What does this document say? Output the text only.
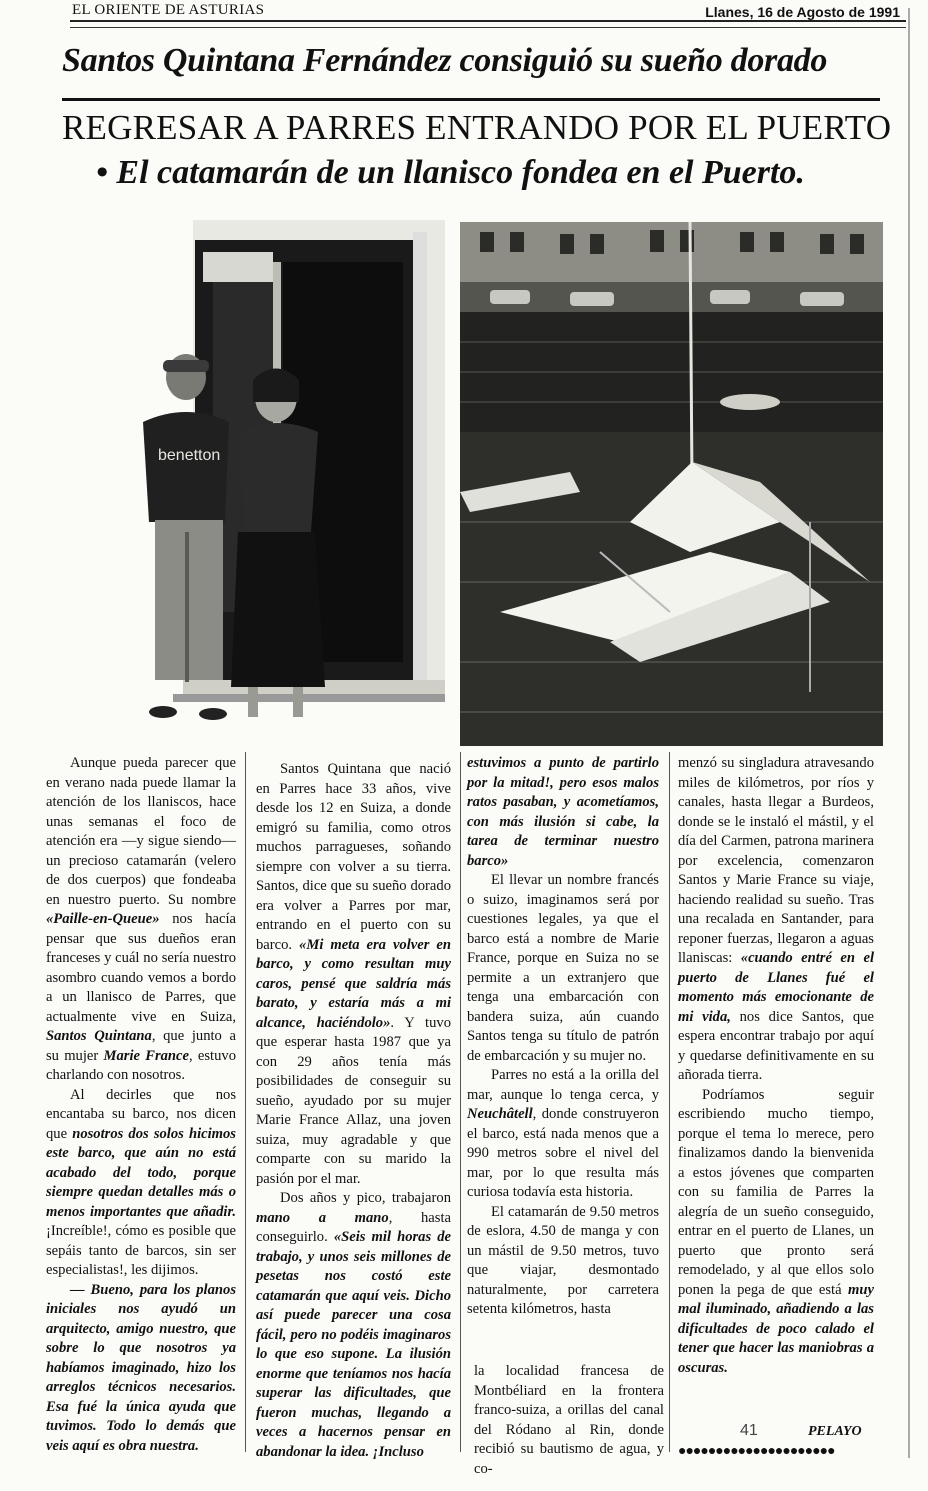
EL ORIENTE DE ASTURIAS	Llanes, 16 de Agosto de 1991
Santos Quintana Fernández consiguió su sueño dorado
REGRESAR A PARRES ENTRANDO POR EL PUERTO
• El catamarán de un llanisco fondea en el Puerto.
benetton

Aunque pueda parecer que en verano nada puede llamar la atención de los llaniscos, hace unas semanas el foco de atención era —y sigue siendo— un precioso catamarán (velero de dos cuerpos) que fondeaba en nuestro puerto. Su nombre «Paille-en-Queue» nos hacía pensar que sus dueños eran franceses y cuál no sería nuestro asombro cuando vemos a bordo a un llanisco de Parres, que actualmente vive en Suiza, Santos Quintana, que junto a su mujer Marie France, estuvo charlando con nosotros.

Al decirles que nos encantaba su barco, nos dicen que nosotros dos solos hicimos este barco, que aún no está acabado del todo, porque siempre quedan detalles más o menos importantes que añadir. ¡Increíble!, cómo es posible que sepáis tanto de barcos, sin ser especialistas!, les dijimos.

— Bueno, para los planos iniciales nos ayudó un arquitecto, amigo nuestro, que sobre lo que nosotros ya habíamos imaginado, hizo los arreglos técnicos necesarios. Esa fué la única ayuda que tuvimos. Todo lo demás que veis aquí es obra nuestra.

Santos Quintana que nació en Parres hace 33 años, vive desde los 12 en Suiza, a donde emigró su familia, como otros muchos parragueses, soñando siempre con volver a su tierra. Santos, dice que su sueño dorado era volver a Parres por mar, entrando en el puerto con su barco. «Mi meta era volver en barco, y como resultan muy caros, pensé que saldría más barato, y estaría más a mi alcance, haciéndolo». Y tuvo que esperar hasta 1987 que ya con 29 años tenía más posibilidades de conseguir su sueño, ayudado por su mujer Marie France Allaz, una joven suiza, muy agradable y que comparte con su marido la pasión por el mar.

Dos años y pico, trabajaron mano a mano, hasta conseguirlo. «Seis mil horas de trabajo, y unos seis millones de pesetas nos costó este catamarán que aquí veis. Dicho así puede parecer una cosa fácil, pero no podéis imaginaros lo que eso supone. La ilusión enorme que teníamos nos hacía superar las dificultades, que fueron muchas, llegando a veces a hacernos pensar en abandonar la idea. ¡Incluso

estuvimos a punto de partirlo por la mitad!, pero esos malos ratos pasaban, y acometíamos, con más ilusión si cabe, la tarea de terminar nuestro barco»

El llevar un nombre francés o suizo, imaginamos será por cuestiones legales, ya que el barco está a nombre de Marie France, porque en Suiza no se permite a un extranjero que tenga una embarcación con bandera suiza, aún cuando Santos tenga su título de patrón de embarcación y su mujer no.

Parres no está a la orilla del mar, aunque lo tenga cerca, y Neuchâtell, donde construyeron el barco, está nada menos que a 990 metros sobre el nivel del mar, por lo que resulta más curiosa todavía esta historia.

El catamarán de 9.50 metros de eslora, 4.50 de manga y con un mástil de 9.50 metros, tuvo que viajar, desmontado naturalmente, por carretera setenta kilómetros, hasta

la localidad francesa de Montbéliard en la frontera franco-suiza, a orillas del canal del Ródano al Rin, donde recibió su bautismo de agua, y co-

menzó su singladura atravesando miles de kilómetros, por ríos y canales, hasta llegar a Burdeos, donde se le instaló el mástil, y el día del Carmen, patrona marinera por excelencia, comenzaron Santos y Marie France su viaje, haciendo realidad su sueño. Tras una recalada en Santander, para reponer fuerzas, llegaron a aguas llaniscas: «cuando entré en el puerto de Llanes fué el momento más emocionante de mi vida, nos dice Santos, que espera encontrar trabajo por aquí y quedarse definitivamente en su añorada tierra.

Podríamos seguir escribiendo mucho tiempo, porque el tema lo merece, pero finalizamos dando la bienvenida a estos jóvenes que comparten con su familia de Parres la alegría de un sueño conseguido, entrar en el puerto de Llanes, un puerto que pronto será remodelado, y al que ellos solo ponen la pega de que está muy mal iluminado, añadiendo a las dificultades de poco calado el tener que hacer las maniobras a oscuras.

41	PELAYO
●●●●●●●●●●●●●●●●●●●●●
